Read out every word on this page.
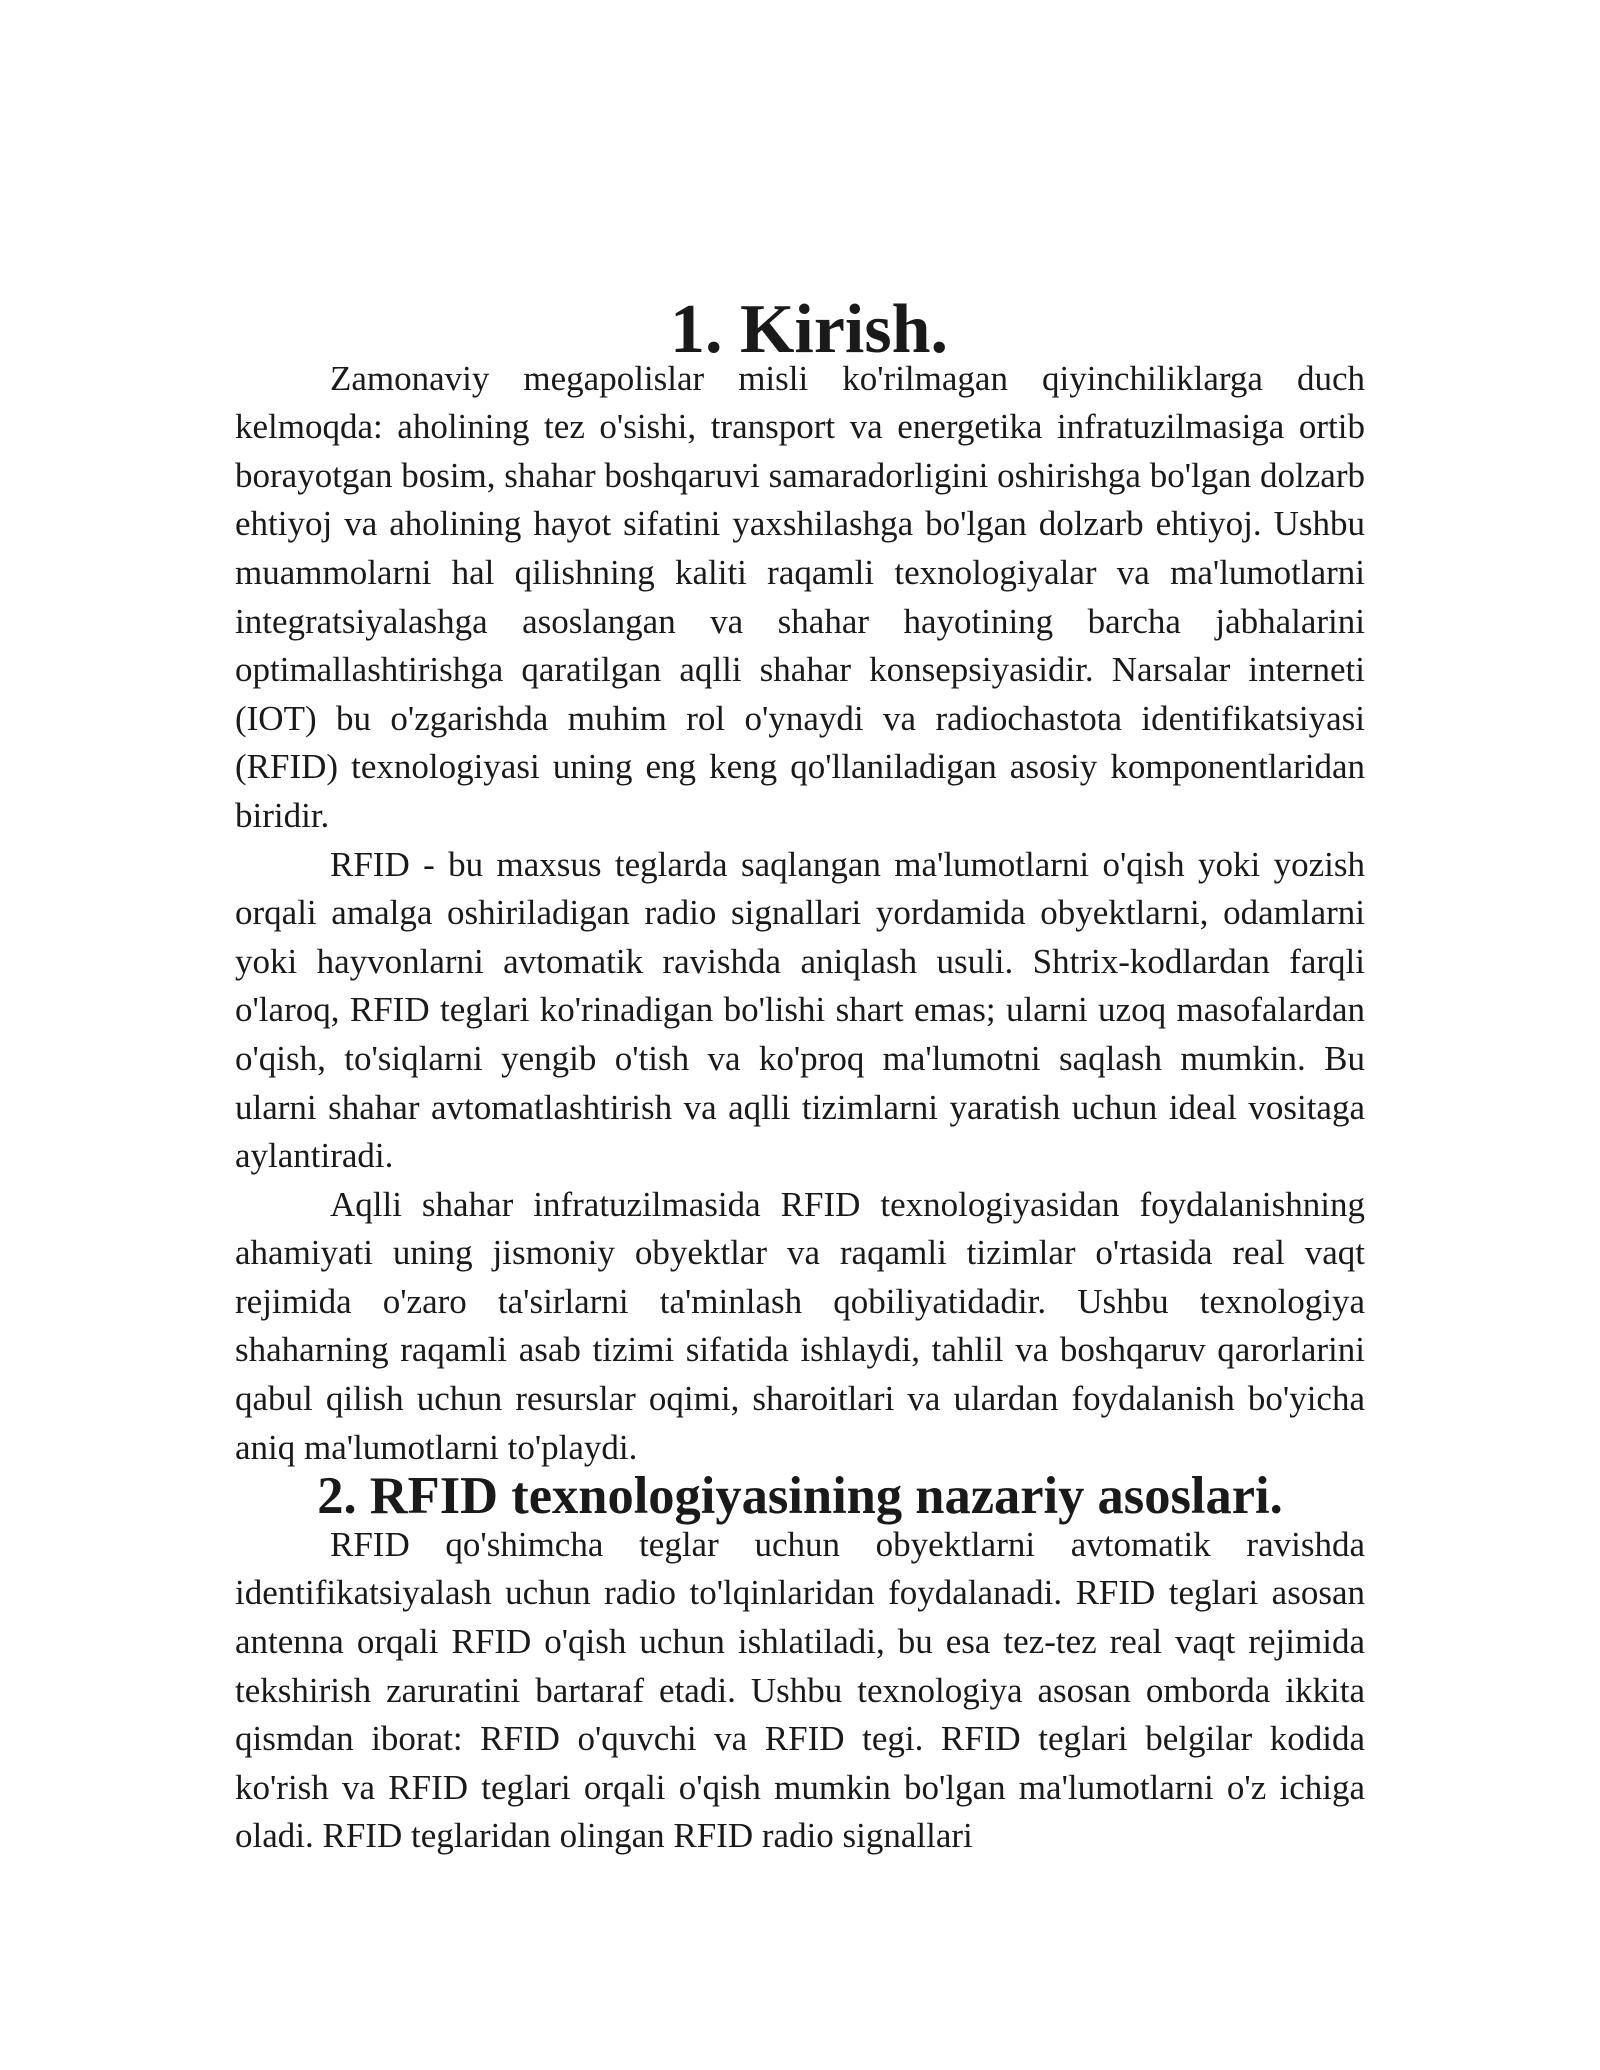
1. Kirish.

Zamonaviy megapolislar misli ko'rilmagan qiyinchiliklarga duch kelmoqda: aholining tez o'sishi, transport va energetika infratuzilmasiga ortib borayotgan bosim, shahar boshqaruvi samaradorligini oshirishga bo'lgan dolzarb ehtiyoj va aholining hayot sifatini yaxshilashga bo'lgan dolzarb ehtiyoj. Ushbu muammolarni hal qilishning kaliti raqamli texnologiyalar va ma'lumotlarni integratsiyalashga asoslangan va shahar hayotining barcha jabhalarini optimallashtirishga qaratilgan aqlli shahar konsepsiyasidir. Narsalar interneti (IOT) bu o'zgarishda muhim rol o'ynaydi va radiochastota identifikatsiyasi (RFID) texnologiyasi uning eng keng qo'llaniladigan asosiy komponentlaridan biridir.

RFID - bu maxsus teglarda saqlangan ma'lumotlarni o'qish yoki yozish orqali amalga oshiriladigan radio signallari yordamida obyektlarni, odamlarni yoki hayvonlarni avtomatik ravishda aniqlash usuli. Shtrix-kodlardan farqli o'laroq, RFID teglari ko'rinadigan bo'lishi shart emas; ularni uzoq masofalardan o'qish, to'siqlarni yengib o'tish va ko'proq ma'lumotni saqlash mumkin. Bu ularni shahar avtomatlashtirish va aqlli tizimlarni yaratish uchun ideal vositaga aylantiradi.

Aqlli shahar infratuzilmasida RFID texnologiyasidan foydalanishning ahamiyati uning jismoniy obyektlar va raqamli tizimlar o'rtasida real vaqt rejimida o'zaro ta'sirlarni ta'minlash qobiliyatidadir. Ushbu texnologiya shaharning raqamli asab tizimi sifatida ishlaydi, tahlil va boshqaruv qarorlarini qabul qilish uchun resurslar oqimi, sharoitlari va ulardan foydalanish bo'yicha aniq ma'lumotlarni to'playdi.

2. RFID texnologiyasining nazariy asoslari.

RFID qo'shimcha teglar uchun obyektlarni avtomatik ravishda identifikatsiyalash uchun radio to'lqinlaridan foydalanadi. RFID teglari asosan antenna orqali RFID o'qish uchun ishlatiladi, bu esa tez-tez real vaqt rejimida tekshirish zaruratini bartaraf etadi. Ushbu texnologiya asosan omborda ikkita qismdan iborat: RFID o'quvchi va RFID tegi. RFID teglari belgilar kodida ko'rish va RFID teglari orqali o'qish mumkin bo'lgan ma'lumotlarni o'z ichiga oladi. RFID teglaridan olingan RFID radio signallari
